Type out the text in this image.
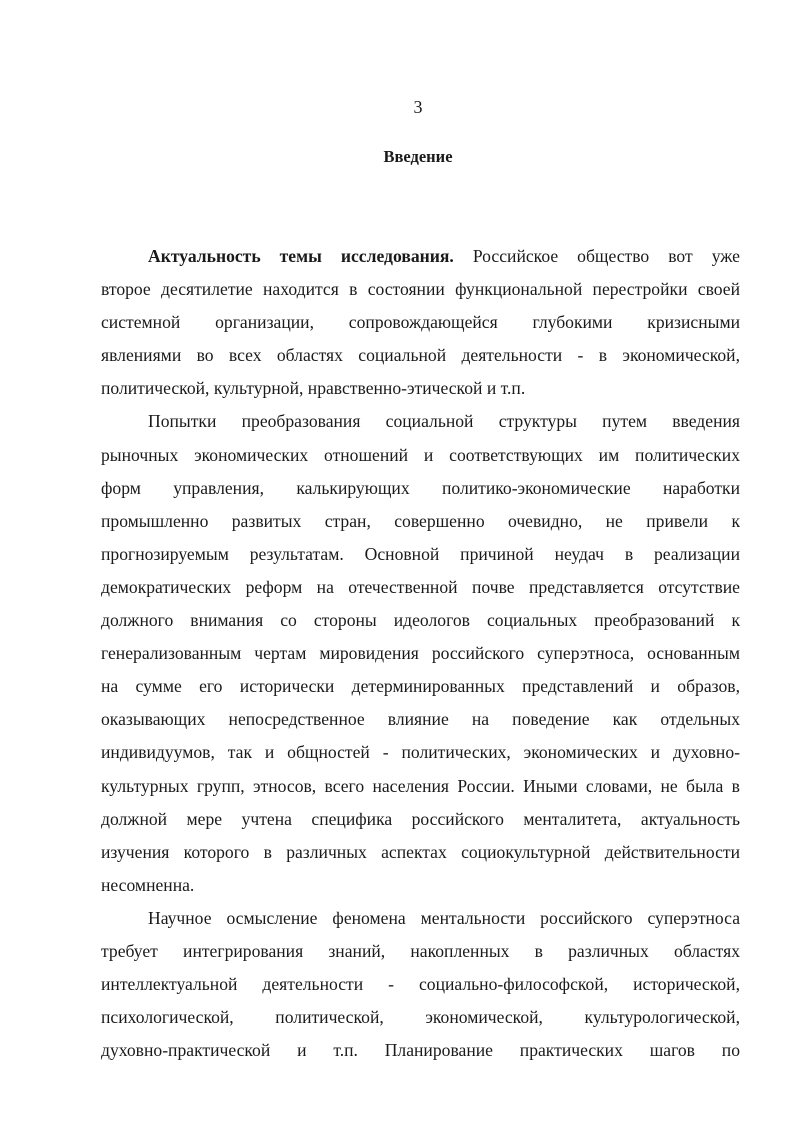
3
Введение
Актуальность темы исследования. Российское общество вот уже
второе десятилетие находится в состоянии функциональной перестройки своей
системной организации, сопровождающейся глубокими кризисными
явлениями во всех областях социальной деятельности - в экономической,
политической, культурной, нравственно-этической и т.п.
Попытки преобразования социальной структуры путем введения
рыночных экономических отношений и соответствующих им политических
форм управления, калькирующих политико-экономические наработки
промышленно развитых стран, совершенно очевидно, не привели к
прогнозируемым результатам. Основной причиной неудач в реализации
демократических реформ на отечественной почве представляется отсутствие
должного внимания со стороны идеологов социальных преобразований к
генерализованным чертам мировидения российского суперэтноса, основанным
на сумме его исторически детерминированных представлений и образов,
оказывающих непосредственное влияние на поведение как отдельных
индивидуумов, так и общностей - политических, экономических и духовно-
культурных групп, этносов, всего населения России. Иными словами, не была в
должной мере учтена специфика российского менталитета, актуальность
изучения которого в различных аспектах социокультурной действительности
несомненна.
Научное осмысление феномена ментальности российского суперэтноса
требует интегрирования знаний, накопленных в различных областях
интеллектуальной деятельности - социально-философской, исторической,
психологической, политической, экономической, культурологической,
духовно-практической и т.п. Планирование практических шагов по
